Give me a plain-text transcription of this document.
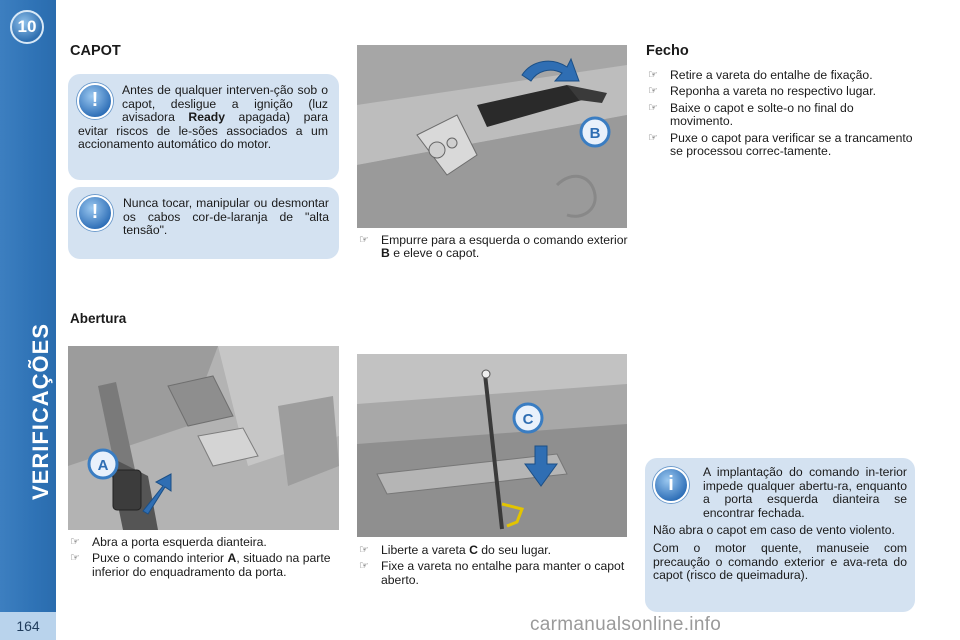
10
VERIFICAÇÕES
164
CAPOT
!	Antes de qualquer interven-ção sob o capot, desligue a ignição (luz avisadora Ready apagada) para evitar riscos de le-sões associados a um accionamento automático do motor.
!	Nunca tocar, manipular ou desmontar os cabos cor-de-laranja de "alta tensão".
Abertura
A
☞ Abra a porta esquerda dianteira.
☞ Puxe o comando interior A, situado na parte inferior do enquadramento da porta.
B
☞ Empurre para a esquerda o comando exterior B e eleve o capot.
C
☞ Liberte a vareta C do seu lugar.
☞ Fixe a vareta no entalhe para manter o capot aberto.
Fecho
☞ Retire a vareta do entalhe de fixação.
☞ Reponha a vareta no respectivo lugar.
☞ Baixe o capot e solte-o no final do movimento.
☞ Puxe o capot para verificar se a trancamento se processou correc-tamente.
i
A implantação do comando in-terior impede qualquer abertu-ra, enquanto a porta esquerda dianteira se encontrar fechada.
Não abra o capot em caso de vento violento.
Com o motor quente, manuseie com precaução o comando exterior e ava-reta do capot (risco de queimadura).
carmanualsonline.info
